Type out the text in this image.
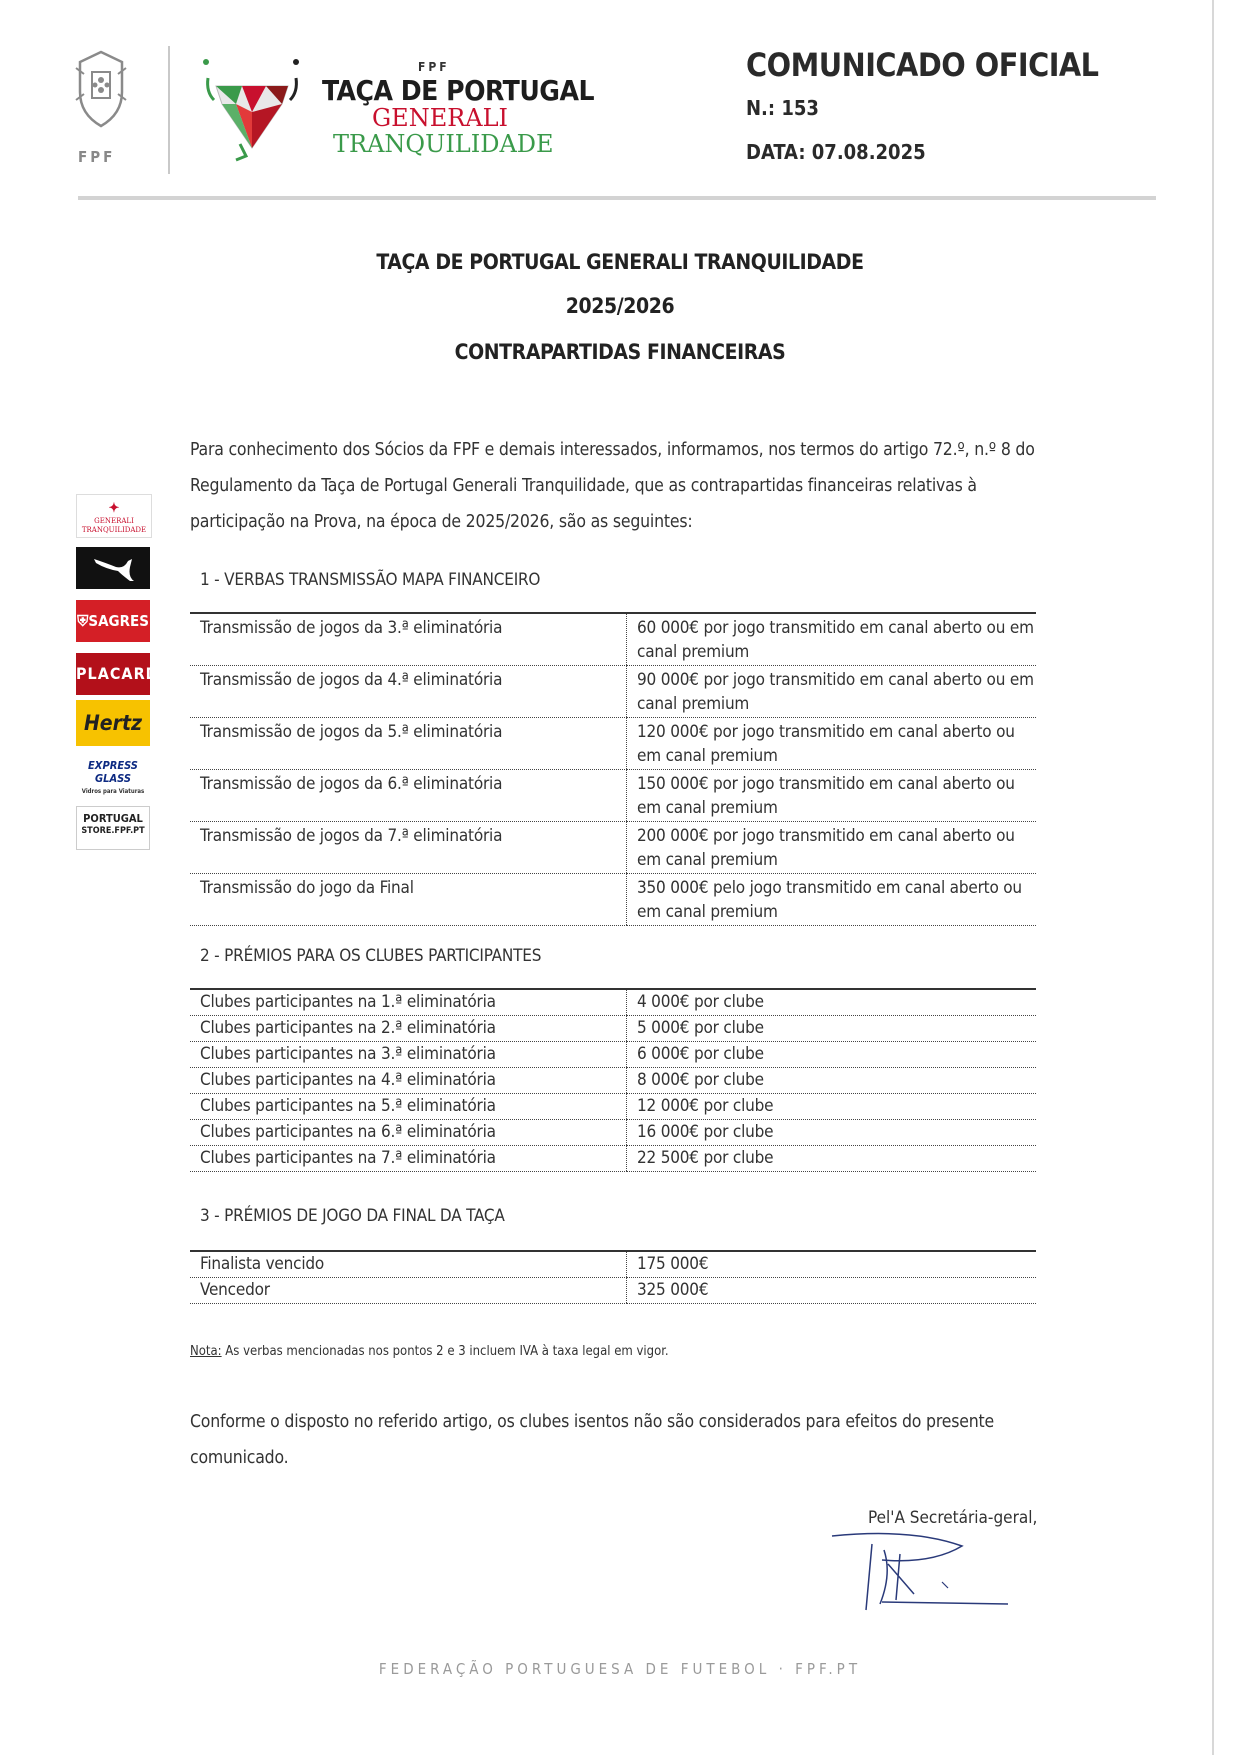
FPF
FPF
TAÇA DE PORTUGAL
GENERALI
TRANQUILIDADE
COMUNICADO OFICIAL
N.: 153
DATA: 07.08.2025
TAÇA DE PORTUGAL GENERALI TRANQUILIDADE
2025/2026
CONTRAPARTIDAS FINANCEIRAS
Para conhecimento dos Sócios da FPF e demais interessados, informamos, nos termos do artigo 72.º, n.º 8 do Regulamento da Taça de Portugal Generali Tranquilidade, que as contrapartidas financeiras relativas à participação na Prova, na época de 2025/2026, são as seguintes:
✦
GENERALI TRANQUILIDADE
⛨SAGRES
PLACARD
Hertz
EXPRESS GLASS
Vidros para Viaturas
PORTUGAL
STORE.FPF.PT
1 - VERBAS TRANSMISSÃO MAPA FINANCEIRO
Transmissão de jogos da 3.ª eliminatória	60 000€ por jogo transmitido em canal aberto ou em canal premium
Transmissão de jogos da 4.ª eliminatória	90 000€ por jogo transmitido em canal aberto ou em canal premium
Transmissão de jogos da 5.ª eliminatória	120 000€ por jogo transmitido em canal aberto ou em canal premium
Transmissão de jogos da 6.ª eliminatória	150 000€ por jogo transmitido em canal aberto ou em canal premium
Transmissão de jogos da 7.ª eliminatória	200 000€ por jogo transmitido em canal aberto ou em canal premium
Transmissão do jogo da Final	350 000€ pelo jogo transmitido em canal aberto ou em canal premium
2 - PRÉMIOS PARA OS CLUBES PARTICIPANTES
Clubes participantes na 1.ª eliminatória	4 000€ por clube
Clubes participantes na 2.ª eliminatória	5 000€ por clube
Clubes participantes na 3.ª eliminatória	6 000€ por clube
Clubes participantes na 4.ª eliminatória	8 000€ por clube
Clubes participantes na 5.ª eliminatória	12 000€ por clube
Clubes participantes na 6.ª eliminatória	16 000€ por clube
Clubes participantes na 7.ª eliminatória	22 500€ por clube
3 - PRÉMIOS DE JOGO DA FINAL DA TAÇA
Finalista vencido	175 000€
Vencedor	325 000€
Nota: As verbas mencionadas nos pontos 2 e 3 incluem IVA à taxa legal em vigor.
Conforme o disposto no referido artigo, os clubes isentos não são considerados para efeitos do presente comunicado.
Pel'A Secretária-geral,
FEDERAÇÃO PORTUGUESA DE FUTEBOL · FPF.PT
